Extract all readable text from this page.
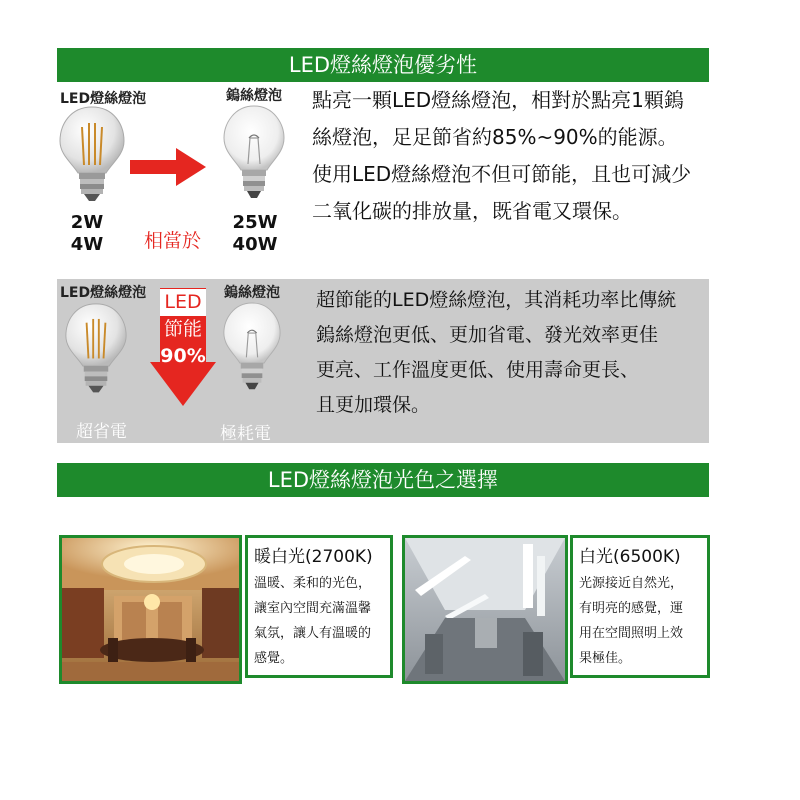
LED燈絲燈泡優劣性
LED燈絲燈泡	鎢絲燈泡
2W
4W 相當於
25W
40W
點亮一顆LED燈絲燈泡，相對於點亮1顆鎢
絲燈泡，足足節省約85%~90%的能源。
使用LED燈絲燈泡不但可節能，且也可減少
二氧化碳的排放量，既省電又環保。
LED燈絲燈泡	鎢絲燈泡
LED
節能
90%
超省電	極耗電
超節能的LED燈絲燈泡，其消耗功率比傳統
鎢絲燈泡更低、更加省電、發光效率更佳
更亮、工作溫度更低、使用壽命更長、
且更加環保。
LED燈絲燈泡光色之選擇
暖白光(2700K)
溫暖、柔和的光色，
讓室內空間充滿溫馨
氣氛，讓人有溫暖的
感覺。
白光(6500K)
光源接近自然光，
有明亮的感覺，運
用在空間照明上效
果極佳。
